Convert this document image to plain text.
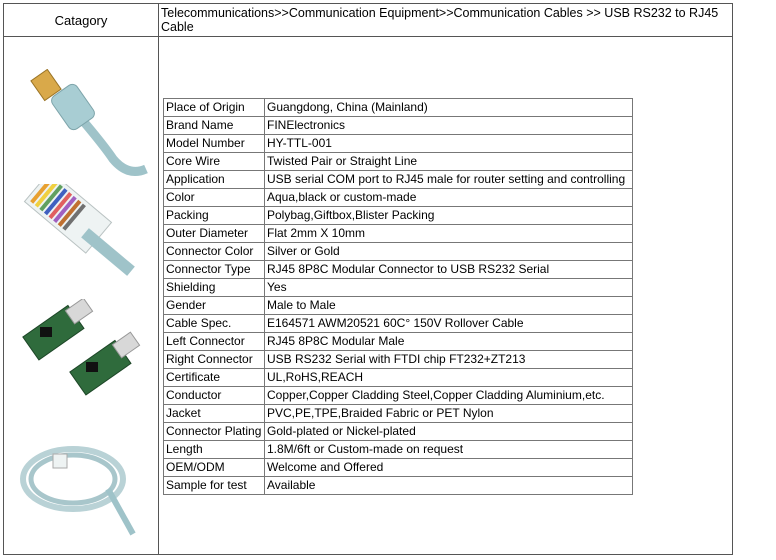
Catagory	Telecommunications>>Communication Equipment>>Communication Cables >> USB RS232 to RJ45 Cable
Place of Origin	Guangdong, China (Mainland)
Brand Name	FINElectronics
Model Number	HY-TTL-001
Core Wire	Twisted Pair or Straight Line
Application	USB serial COM port to RJ45 male for router setting and controlling
Color	Aqua,black or custom-made
Packing	Polybag,Giftbox,Blister Packing
Outer Diameter	Flat 2mm X 10mm
Connector Color	Silver or Gold
Connector Type	RJ45 8P8C Modular Connector to USB RS232 Serial
Shielding	Yes
Gender	Male to Male
Cable Spec.	E164571 AWM20521 60C° 150V Rollover Cable
Left Connector	RJ45 8P8C Modular Male
Right Connector	USB RS232 Serial with FTDI chip FT232+ZT213
Certificate	UL,RoHS,REACH
Conductor	Copper,Copper Cladding Steel,Copper Cladding Aluminium,etc.
Jacket	PVC,PE,TPE,Braided Fabric or PET Nylon
Connector Plating	Gold-plated or Nickel-plated
Length	1.8M/6ft or Custom-made on request
OEM/ODM	Welcome and Offered
Sample for test	Available
